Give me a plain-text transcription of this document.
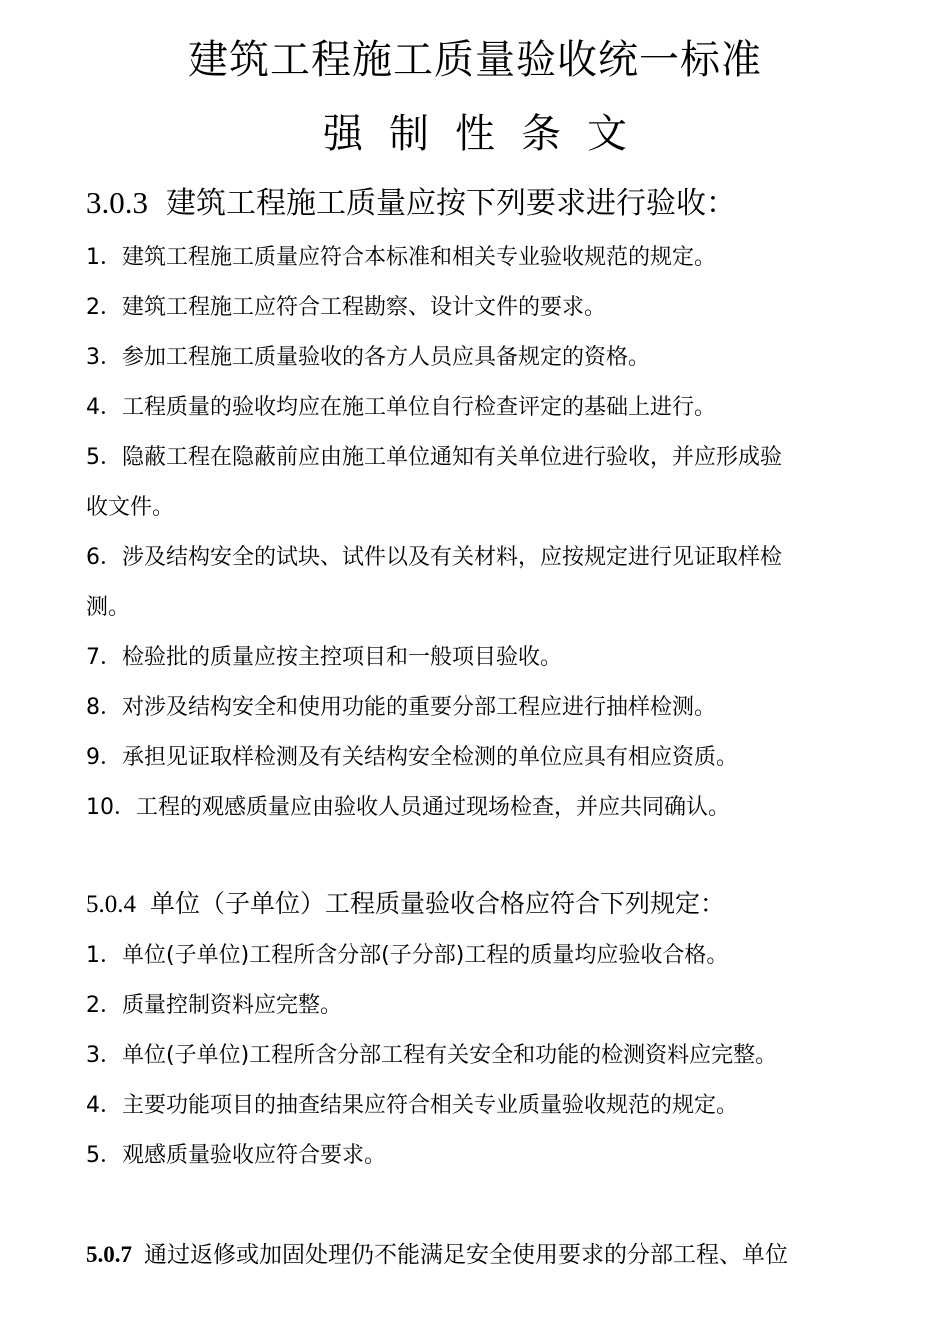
建筑工程施工质量验收统一标准
强制性条文
3.0.3 建筑工程施工质量应按下列要求进行验收：
1．建筑工程施工质量应符合本标准和相关专业验收规范的规定。
2．建筑工程施工应符合工程勘察、设计文件的要求。
3．参加工程施工质量验收的各方人员应具备规定的资格。
4．工程质量的验收均应在施工单位自行检查评定的基础上进行。
5．隐蔽工程在隐蔽前应由施工单位通知有关单位进行验收，并应形成验
收文件。
6．涉及结构安全的试块、试件以及有关材料，应按规定进行见证取样检
测。
7．检验批的质量应按主控项目和一般项目验收。
8．对涉及结构安全和使用功能的重要分部工程应进行抽样检测。
9．承担见证取样检测及有关结构安全检测的单位应具有相应资质。
10．工程的观感质量应由验收人员通过现场检查，并应共同确认。
5.0.4 单位（子单位）工程质量验收合格应符合下列规定：
1．单位(子单位)工程所含分部(子分部)工程的质量均应验收合格。
2．质量控制资料应完整。
3．单位(子单位)工程所含分部工程有关安全和功能的检测资料应完整。
4．主要功能项目的抽查结果应符合相关专业质量验收规范的规定。
5．观感质量验收应符合要求。
5.0.7 通过返修或加固处理仍不能满足安全使用要求的分部工程、单位
